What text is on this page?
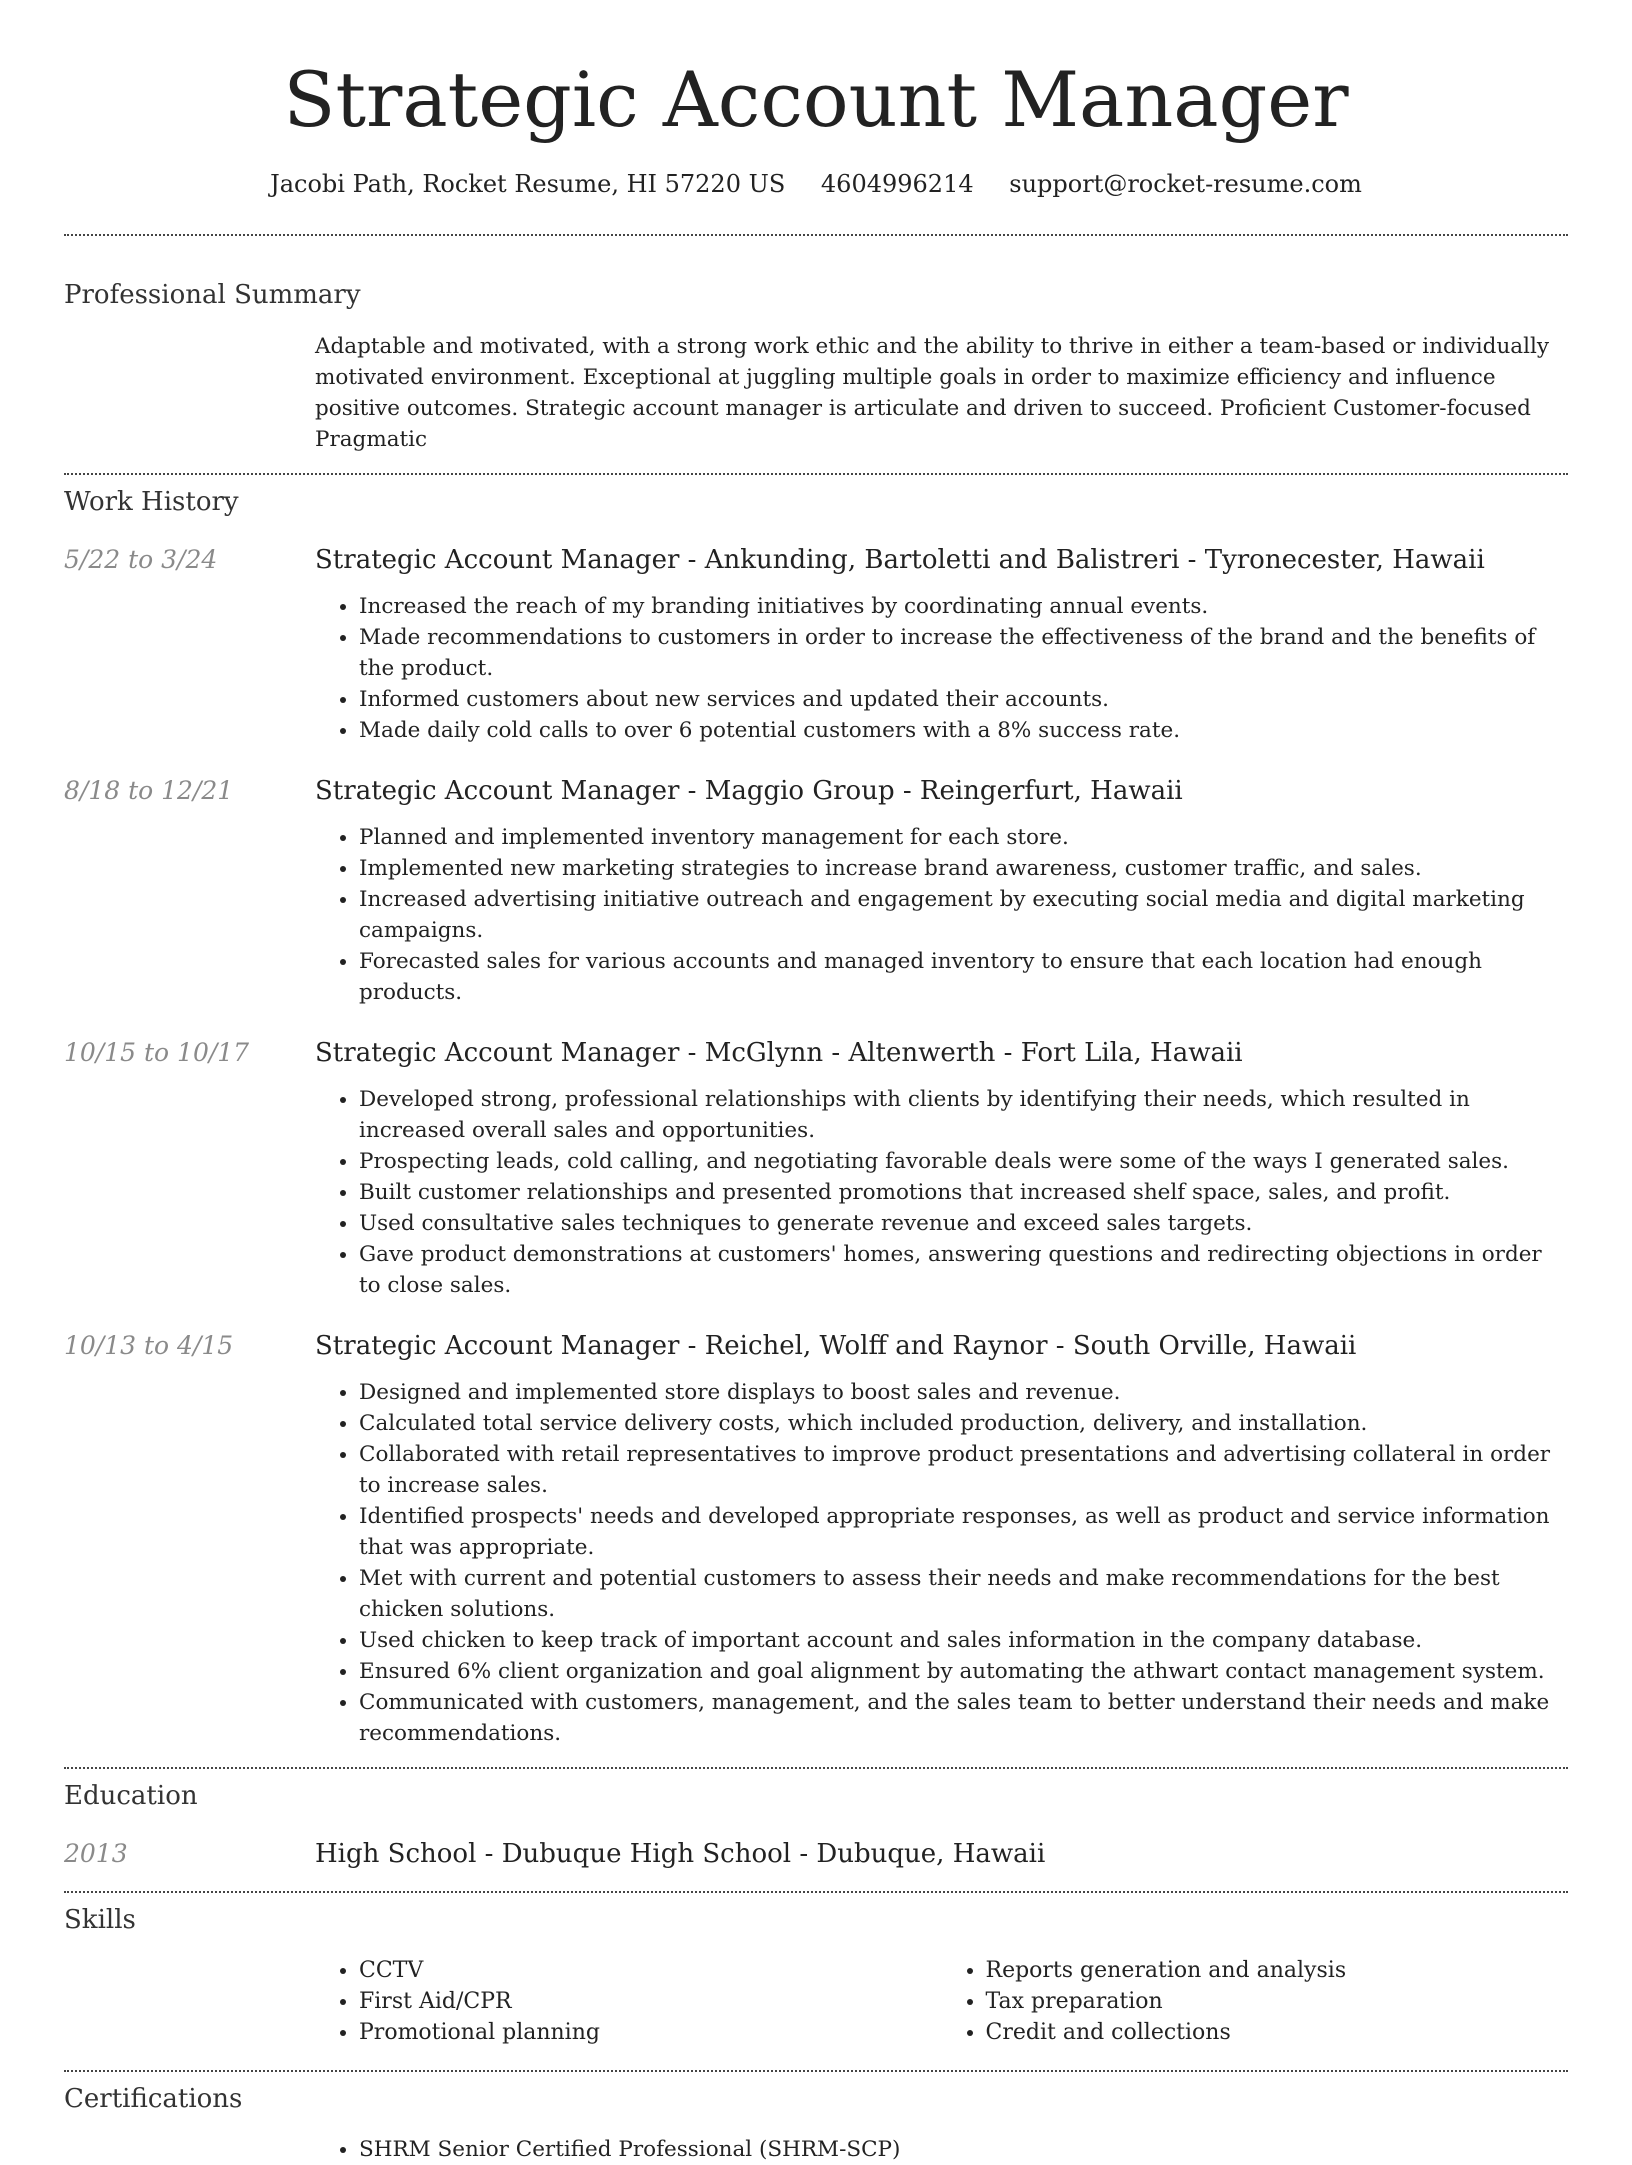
Strategic Account Manager
Jacobi Path, Rocket Resume, HI 57220 US 4604996214 support@rocket-resume.com
Professional Summary

Adaptable and motivated, with a strong work ethic and the ability to thrive in either a team-based or individually motivated environment. Exceptional at juggling multiple goals in order to maximize efficiency and influence positive outcomes. Strategic account manager is articulate and driven to succeed. Proficient Customer-focused Pragmatic

Work History
5/22 to 3/24	Strategic Account Manager - Ankunding, Bartoletti and Balistreri - Tyronecester, Hawaii
• Increased the reach of my branding initiatives by coordinating annual events.
• Made recommendations to customers in order to increase the effectiveness of the brand and the benefits of the product.
• Informed customers about new services and updated their accounts.
• Made daily cold calls to over 6 potential customers with a 8% success rate.
8/18 to 12/21	Strategic Account Manager - Maggio Group - Reingerfurt, Hawaii
• Planned and implemented inventory management for each store.
• Implemented new marketing strategies to increase brand awareness, customer traffic, and sales.
• Increased advertising initiative outreach and engagement by executing social media and digital marketing campaigns.
• Forecasted sales for various accounts and managed inventory to ensure that each location had enough products.
10/15 to 10/17	Strategic Account Manager - McGlynn - Altenwerth - Fort Lila, Hawaii
• Developed strong, professional relationships with clients by identifying their needs, which resulted in increased overall sales and opportunities.
• Prospecting leads, cold calling, and negotiating favorable deals were some of the ways I generated sales.
• Built customer relationships and presented promotions that increased shelf space, sales, and profit.
• Used consultative sales techniques to generate revenue and exceed sales targets.
• Gave product demonstrations at customers' homes, answering questions and redirecting objections in order to close sales.
10/13 to 4/15	Strategic Account Manager - Reichel, Wolff and Raynor - South Orville, Hawaii
• Designed and implemented store displays to boost sales and revenue.
• Calculated total service delivery costs, which included production, delivery, and installation.
• Collaborated with retail representatives to improve product presentations and advertising collateral in order to increase sales.
• Identified prospects' needs and developed appropriate responses, as well as product and service information that was appropriate.
• Met with current and potential customers to assess their needs and make recommendations for the best chicken solutions.
• Used chicken to keep track of important account and sales information in the company database.
• Ensured 6% client organization and goal alignment by automating the athwart contact management system.
• Communicated with customers, management, and the sales team to better understand their needs and make recommendations.
Education
2013	High School - Dubuque High School - Dubuque, Hawaii
Skills
• CCTV
• First Aid/CPR
• Promotional planning
• Reports generation and analysis
• Tax preparation
• Credit and collections
Certifications
• SHRM Senior Certified Professional (SHRM-SCP)
